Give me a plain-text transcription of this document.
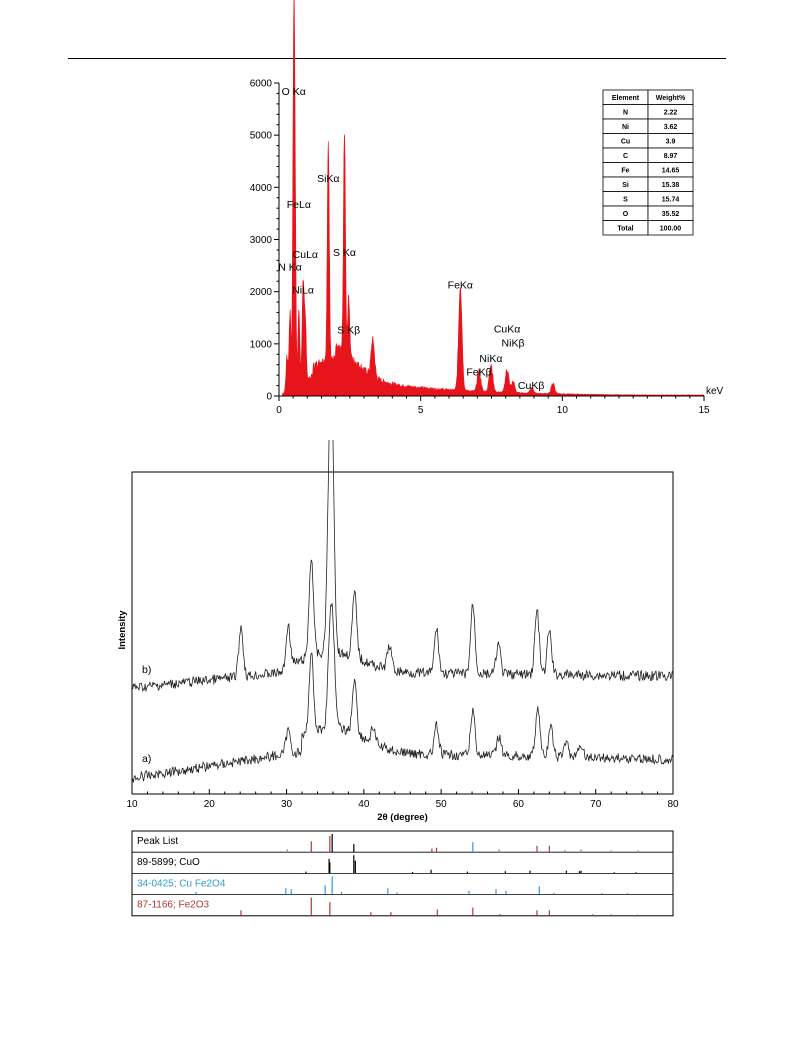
0
1000
2000
3000
4000
5000
6000
0	5	10	15
keV
O Kα
SiKα
FeLα
CuLα S Kα
N Kα
NiLα	FeKα
S Kβ	CuKα
NiKβ
NiKα
FeKβ
CuKβ
Element Weight%
N	2.22
Ni	3.62
Cu	3.9
C	8.97
Fe	14.65
Si	15.38
S	15.74
O	35.52
Total	100.00
b)
a)
10	20	30	40	50	60	70	80
2θ (degree)
Intensity
Peak List
89-5899; CuO
34-0425; Cu Fe2O4
87-1166; Fe2O3
